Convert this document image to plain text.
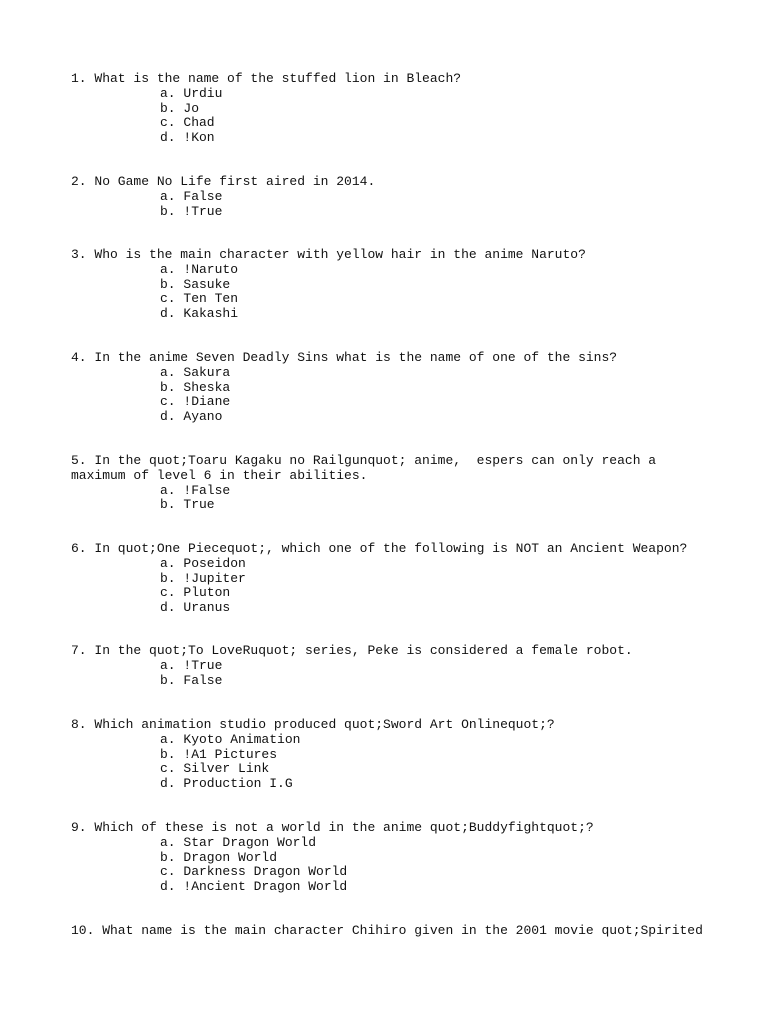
1. What is the name of the stuffed lion in Bleach?

a. Urdiu
b. Jo
c. Chad
d. !Kon

2. No Game No Life first aired in 2014.

a. False
b. !True

3. Who is the main character with yellow hair in the anime Naruto?

a. !Naruto
b. Sasuke
c. Ten Ten
d. Kakashi

4. In the anime Seven Deadly Sins what is the name of one of the sins?

a. Sakura
b. Sheska
c. !Diane
d. Ayano

5. In the quot;Toaru Kagaku no Railgunquot; anime,  espers can only reach a maximum of level 6 in their abilities.

a. !False
b. True

6. In quot;One Piecequot;, which one of the following is NOT an Ancient Weapon?

a. Poseidon
b. !Jupiter
c. Pluton
d. Uranus

7. In the quot;To LoveRuquot; series, Peke is considered a female robot.

a. !True
b. False

8. Which animation studio produced quot;Sword Art Onlinequot;?

a. Kyoto Animation
b. !A1 Pictures
c. Silver Link
d. Production I.G

9. Which of these is not a world in the anime quot;Buddyfightquot;?

a. Star Dragon World
b. Dragon World
c. Darkness Dragon World
d. !Ancient Dragon World

10. What name is the main character Chihiro given in the 2001 movie quot;Spirited
